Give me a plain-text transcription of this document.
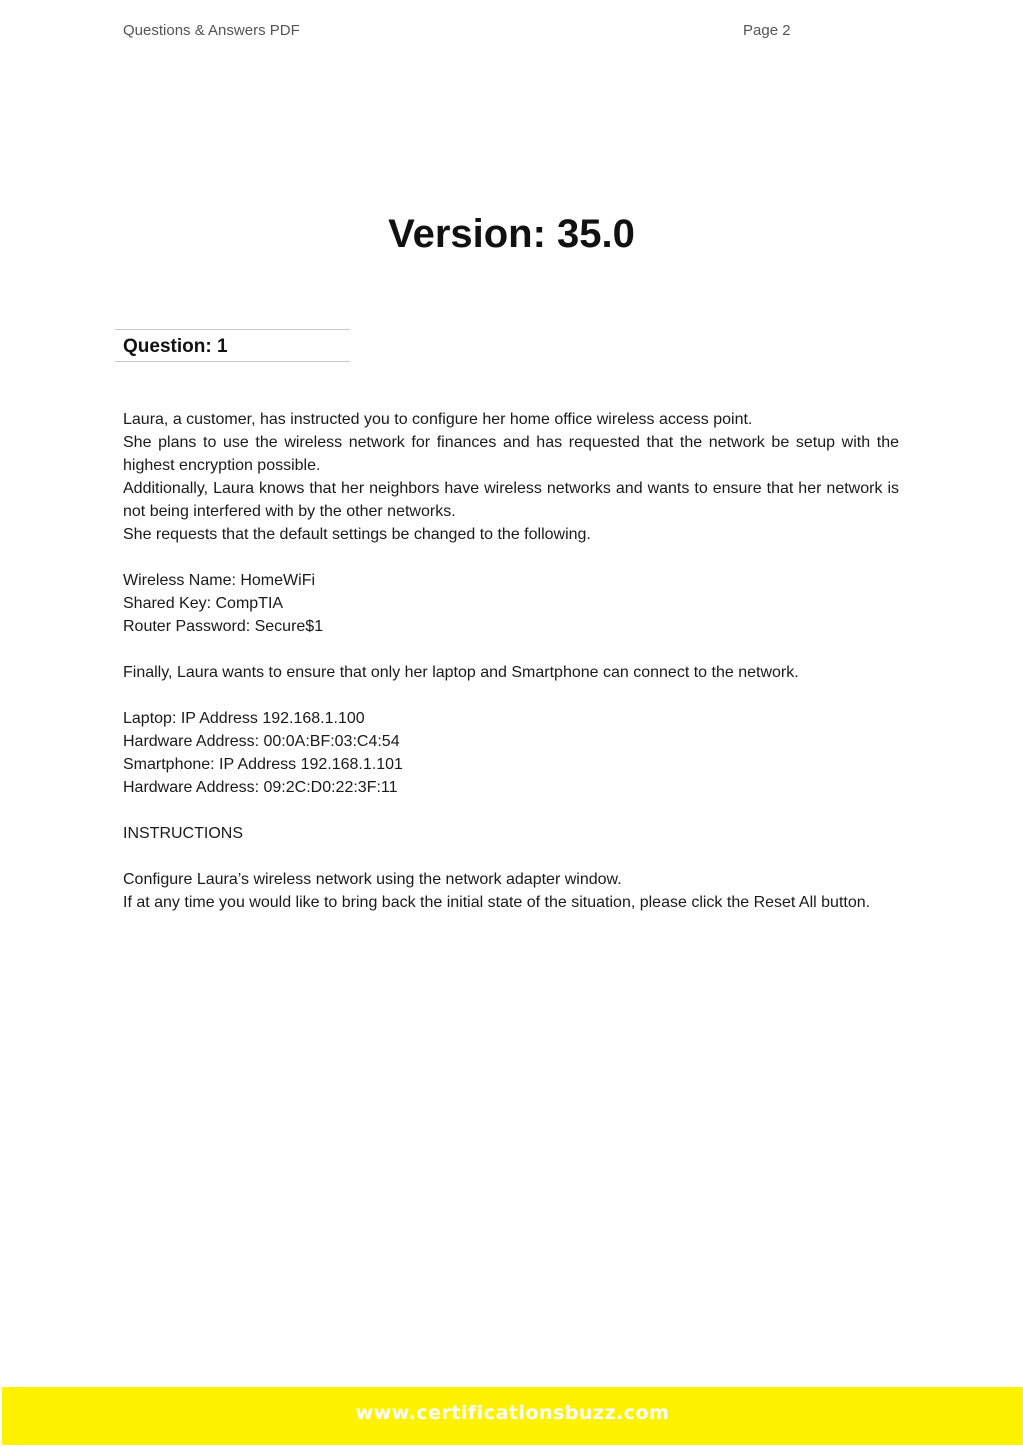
Questions & Answers PDF	Page 2
Version: 35.0
Question: 1

Laura, a customer, has instructed you to configure her home office wireless access point.

She plans to use the wireless network for finances and has requested that the network be setup with the highest encryption possible.

Additionally, Laura knows that her neighbors have wireless networks and wants to ensure that her network is not being interfered with by the other networks.

She requests that the default settings be changed to the following.

Wireless Name: HomeWiFi

Shared Key: CompTIA

Router Password: Secure$1

Finally, Laura wants to ensure that only her laptop and Smartphone can connect to the network.

Laptop: IP Address 192.168.1.100

Hardware Address: 00:0A:BF:03:C4:54

Smartphone: IP Address 192.168.1.101

Hardware Address: 09:2C:D0:22:3F:11

INSTRUCTIONS

Configure Laura’s wireless network using the network adapter window.

If at any time you would like to bring back the initial state of the situation, please click the Reset All button.

www.certificationsbuzz.com
